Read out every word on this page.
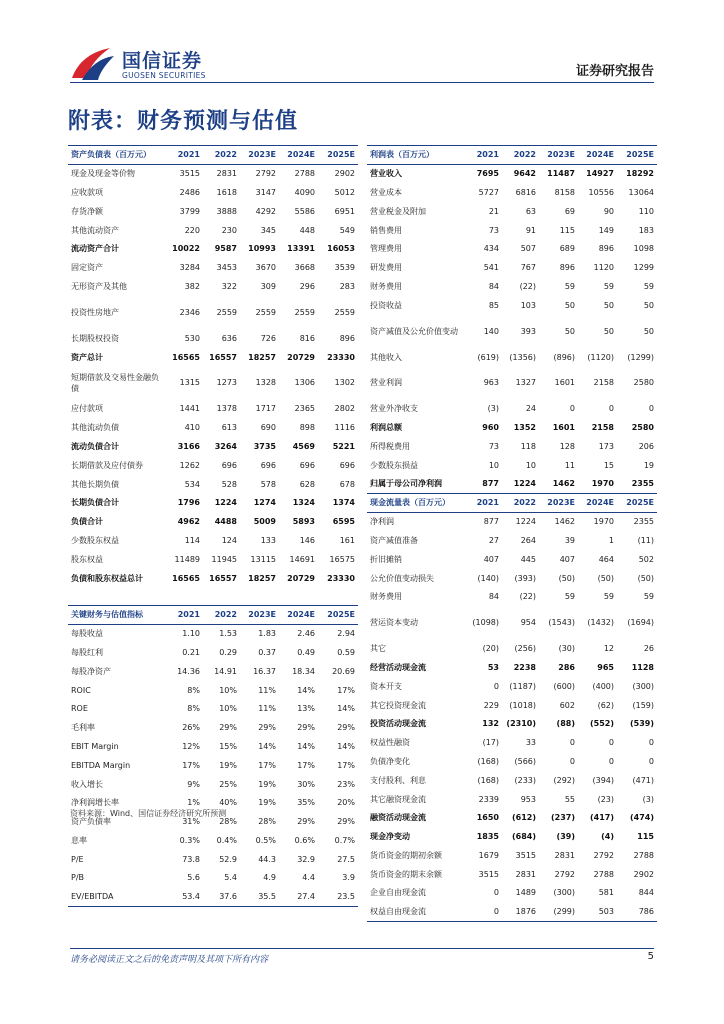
国信证券
GUOSEN SECURITIES	证券研究报告
附表：财务预测与估值
资产负债表（百万元）	2021	2022	2023E	2024E	2025E
现金及现金等价物	3515	2831	2792	2788	2902
应收款项	2486	1618	3147	4090	5012
存货净额	3799	3888	4292	5586	6951
其他流动资产	220	230	345	448	549
流动资产合计	10022	9587	10993	13391	16053
固定资产	3284	3453	3670	3668	3539
无形资产及其他	382	322	309	296	283
投资性房地产	2346	2559	2559	2559	2559
长期股权投资	530	636	726	816	896
资产总计	16565	16557	18257	20729	23330
短期借款及交易性金融负债	1315	1273	1328	1306	1302
应付款项	1441	1378	1717	2365	2802
其他流动负债	410	613	690	898	1116
流动负债合计	3166	3264	3735	4569	5221
长期借款及应付债券	1262	696	696	696	696
其他长期负债	534	528	578	628	678
长期负债合计	1796	1224	1274	1324	1374
负债合计	4962	4488	5009	5893	6595
少数股东权益	114	124	133	146	161
股东权益	11489	11945	13115	14691	16575
负债和股东权益总计	16565	16557	18257	20729	23330

关键财务与估值指标	2021	2022	2023E	2024E	2025E
每股收益	1.10	1.53	1.83	2.46	2.94
每股红利	0.21	0.29	0.37	0.49	0.59
每股净资产	14.36	14.91	16.37	18.34	20.69
ROIC	8%	10%	11%	14%	17%
ROE	8%	10%	11%	13%	14%
毛利率	26%	29%	29%	29%	29%
EBIT Margin	12%	15%	14%	14%	14%
EBITDA Margin	17%	19%	17%	17%	17%
收入增长	9%	25%	19%	30%	23%
净利润增长率	1%	40%	19%	35%	20%
资产负债率	31%	28%	28%	29%	29%
息率	0.3%	0.4%	0.5%	0.6%	0.7%
P/E	73.8	52.9	44.3	32.9	27.5
P/B	5.6	5.4	4.9	4.4	3.9
EV/EBITDA	53.4	37.6	35.5	27.4	23.5
利润表（百万元）	2021	2022	2023E	2024E	2025E
营业收入	7695	9642	11487	14927	18292
营业成本	5727	6816	8158	10556	13064
营业税金及附加	21	63	69	90	110
销售费用	73	91	115	149	183
管理费用	434	507	689	896	1098
研发费用	541	767	896	1120	1299
财务费用	84	(22)	59	59	59
投资收益	85	103	50	50	50
资产减值及公允价值变动	140	393	50	50	50
其他收入	(619)	(1356)	(896)	(1120)	(1299)
营业利润	963	1327	1601	2158	2580
营业外净收支	(3)	24	0	0	0
利润总额	960	1352	1601	2158	2580
所得税费用	73	118	128	173	206
少数股东损益	10	10	11	15	19
归属于母公司净利润	877	1224	1462	1970	2355
现金流量表（百万元）	2021	2022	2023E	2024E	2025E
净利润	877	1224	1462	1970	2355
资产减值准备	27	264	39	1	(11)
折旧摊销	407	445	407	464	502
公允价值变动损失	(140)	(393)	(50)	(50)	(50)
财务费用	84	(22)	59	59	59
营运资本变动	(1098)	954	(1543)	(1432)	(1694)
其它	(20)	(256)	(30)	12	26
经营活动现金流	53	2238	286	965	1128
资本开支	0	(1187)	(600)	(400)	(300)
其它投资现金流	229	(1018)	602	(62)	(159)
投资活动现金流	132	(2310)	(88)	(552)	(539)
权益性融资	(17)	33	0	0	0
负债净变化	(168)	(566)	0	0	0
支付股利、利息	(168)	(233)	(292)	(394)	(471)
其它融资现金流	2339	953	55	(23)	(3)
融资活动现金流	1650	(612)	(237)	(417)	(474)
现金净变动	1835	(684)	(39)	(4)	115
货币资金的期初余额	1679	3515	2831	2792	2788
货币资金的期末余额	3515	2831	2792	2788	2902
企业自由现金流	0	1489	(300)	581	844
权益自由现金流	0	1876	(299)	503	786
资料来源：Wind、国信证券经济研究所预测
请务必阅读正文之后的免责声明及其项下所有内容	5
